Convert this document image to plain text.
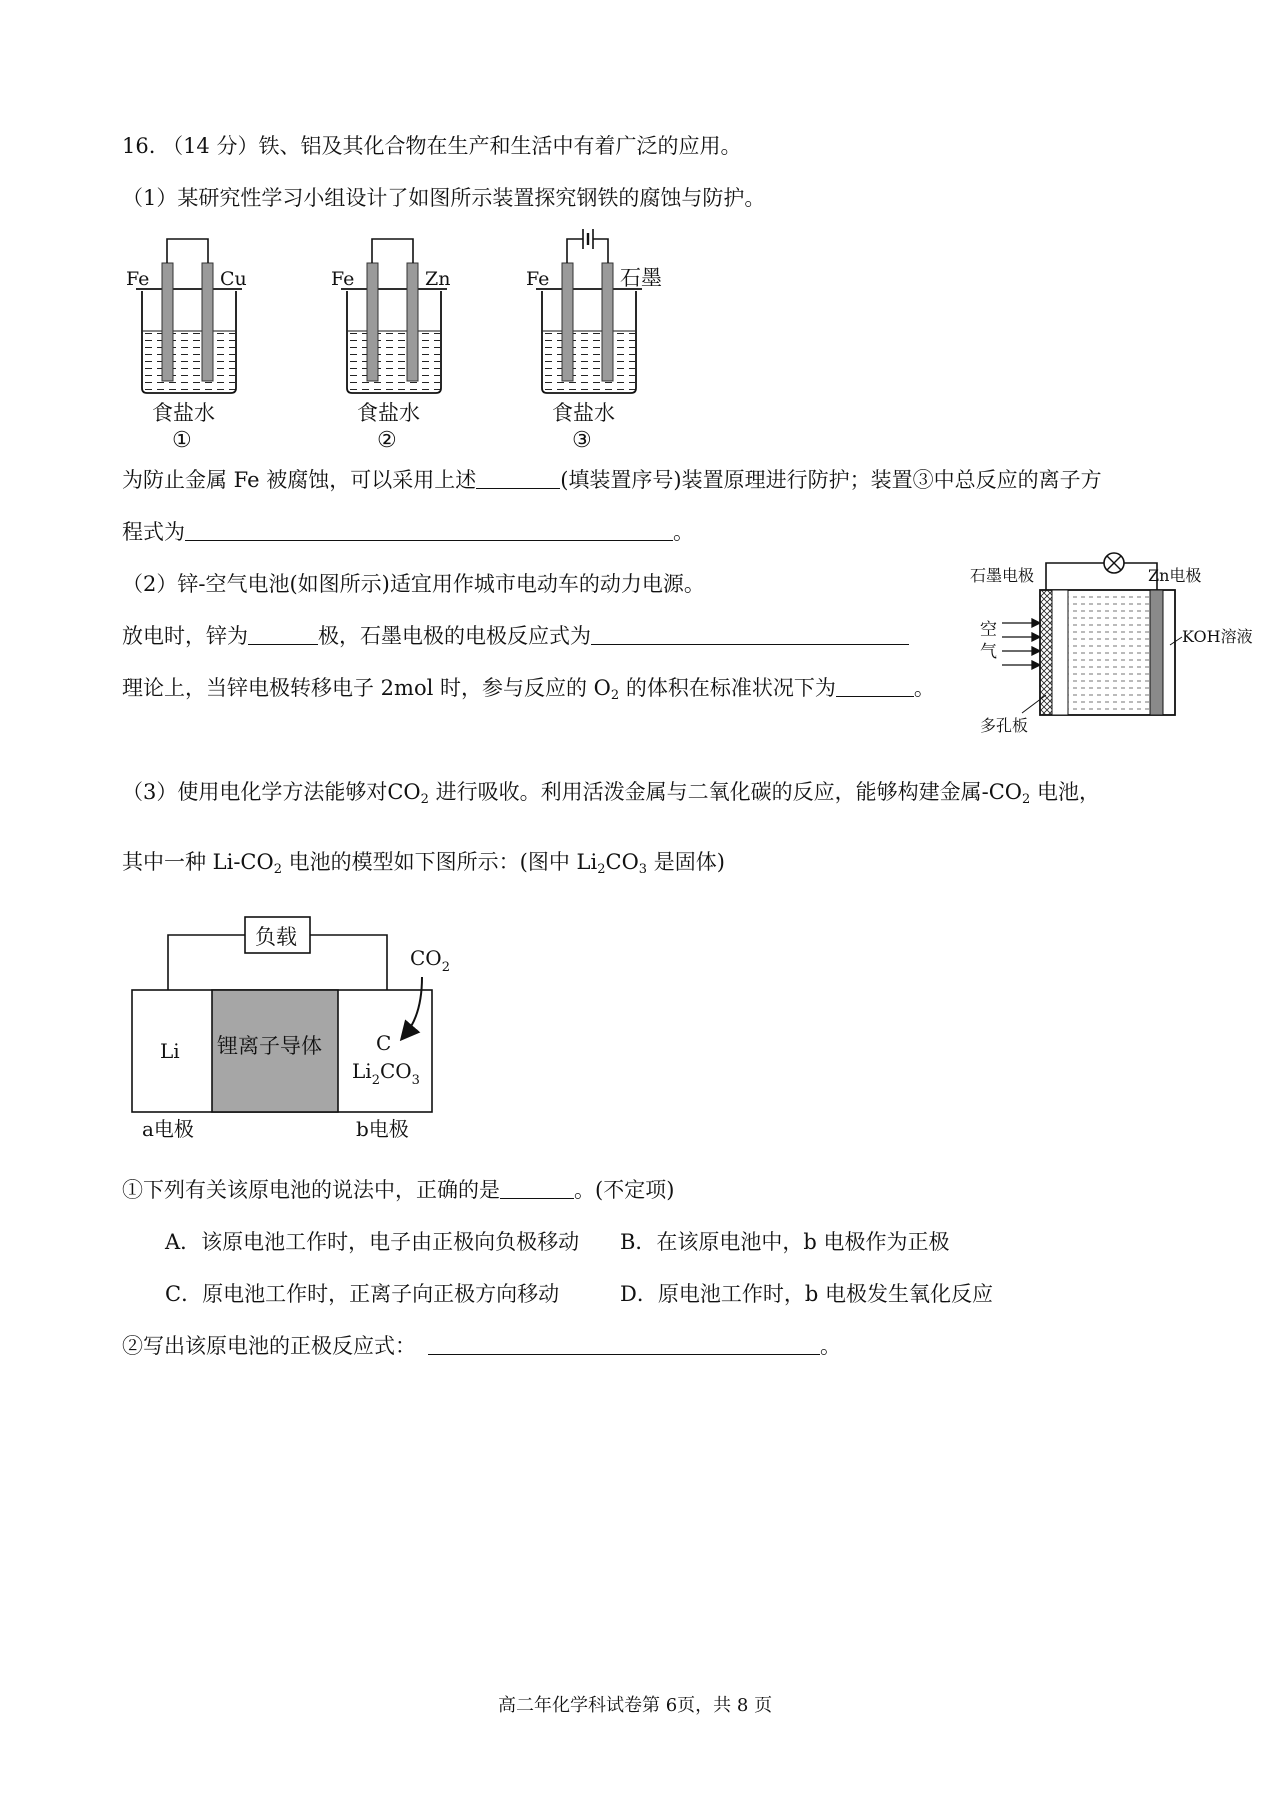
16. （14 分）铁、铝及其化合物在生产和生活中有着广泛的应用。
（1）某研究性学习小组设计了如图所示装置探究钢铁的腐蚀与防护。
Fe	Cu
食盐水
①
Fe	Zn
食盐水
②
Fe	石墨
食盐水
③
为防止金属 Fe 被腐蚀，可以采用上述	(填装置序号)装置原理进行防护；装置③中总反应的离子方
程式为	。
（2）锌-空气电池(如图所示)适宜用作城市电动车的动力电源。
放电时，锌为	极，石墨电极的电极反应式为
理论上，当锌电极转移电子 2mol 时，参与反应的 $O_2$ 的体积在标准状况下为	。
石墨电极	Zn电极
空
气
KOH溶液
多孔板
（3）使用电化学方法能够对$CO_2$ 进行吸收。利用活泼金属与二氧化碳的反应，能够构建金属$-CO_2$ 电池，
其中一种 $Li-CO_2$ 电池的模型如下图所示：(图中 $Li_2CO_3$ 是固体)
负载
Li 锂离子导体
$CO_2$
C
$Li_2CO_3$
a电极	b电极
①下列有关该原电池的说法中，正确的是	。(不定项)
A．该原电池工作时，电子由正极向负极移动 B．在该原电池中，b 电极作为正极
C．原电池工作时，正离子向正极方向移动	D．原电池工作时，b 电极发生氧化反应
②写出该原电池的正极反应式：	。
高二年化学科试卷第 6页，共 8 页
